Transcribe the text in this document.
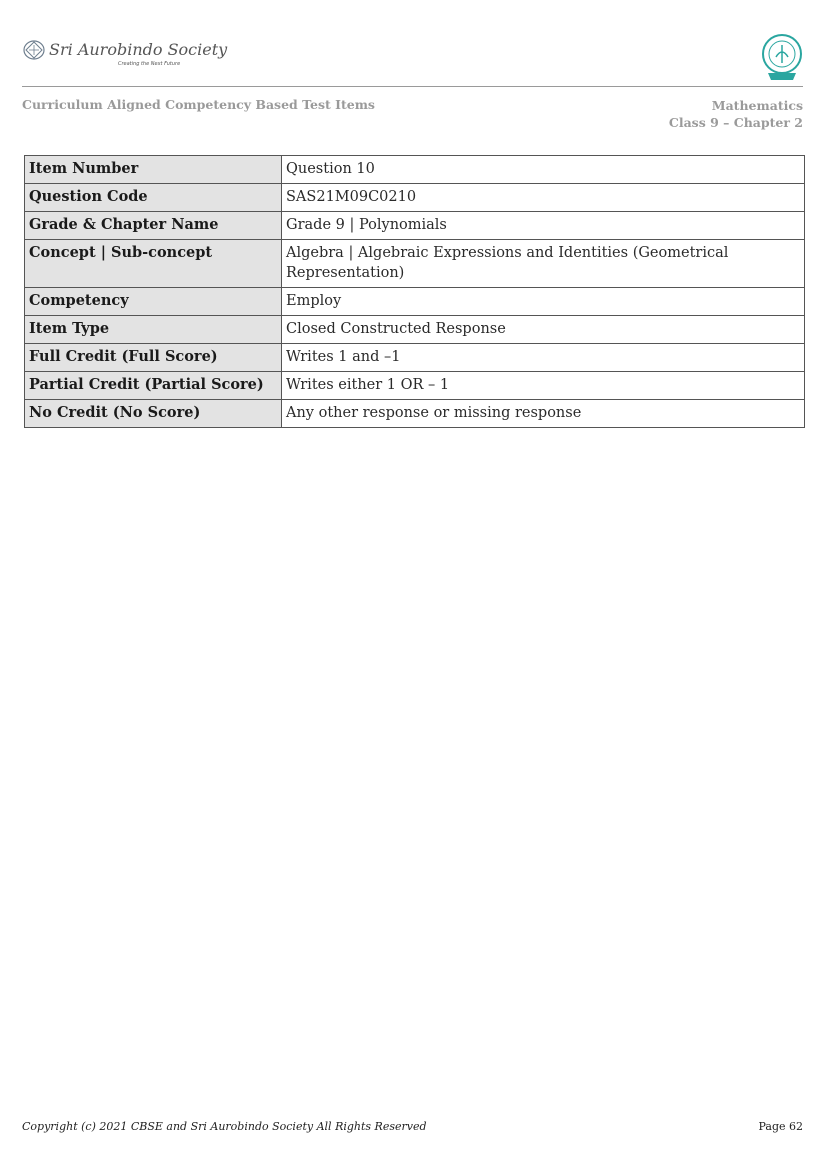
Sri Aurobindo Society
Creating the Next Future
Curriculum Aligned Competency Based Test Items	Mathematics
Class 9 – Chapter 2
Item Number	Question 10
Question Code	SAS21M09C0210
Grade & Chapter Name	Grade 9 | Polynomials
Concept | Sub-concept	Algebra | Algebraic Expressions and Identities (Geometrical Representation)
Competency	Employ
Item Type	Closed Constructed Response
Full Credit (Full Score)	Writes 1 and –1
Partial Credit (Partial Score)	Writes either 1 OR – 1
No Credit (No Score)	Any other response or missing response
Copyright (c) 2021 CBSE and Sri Aurobindo Society All Rights Reserved	Page 62
